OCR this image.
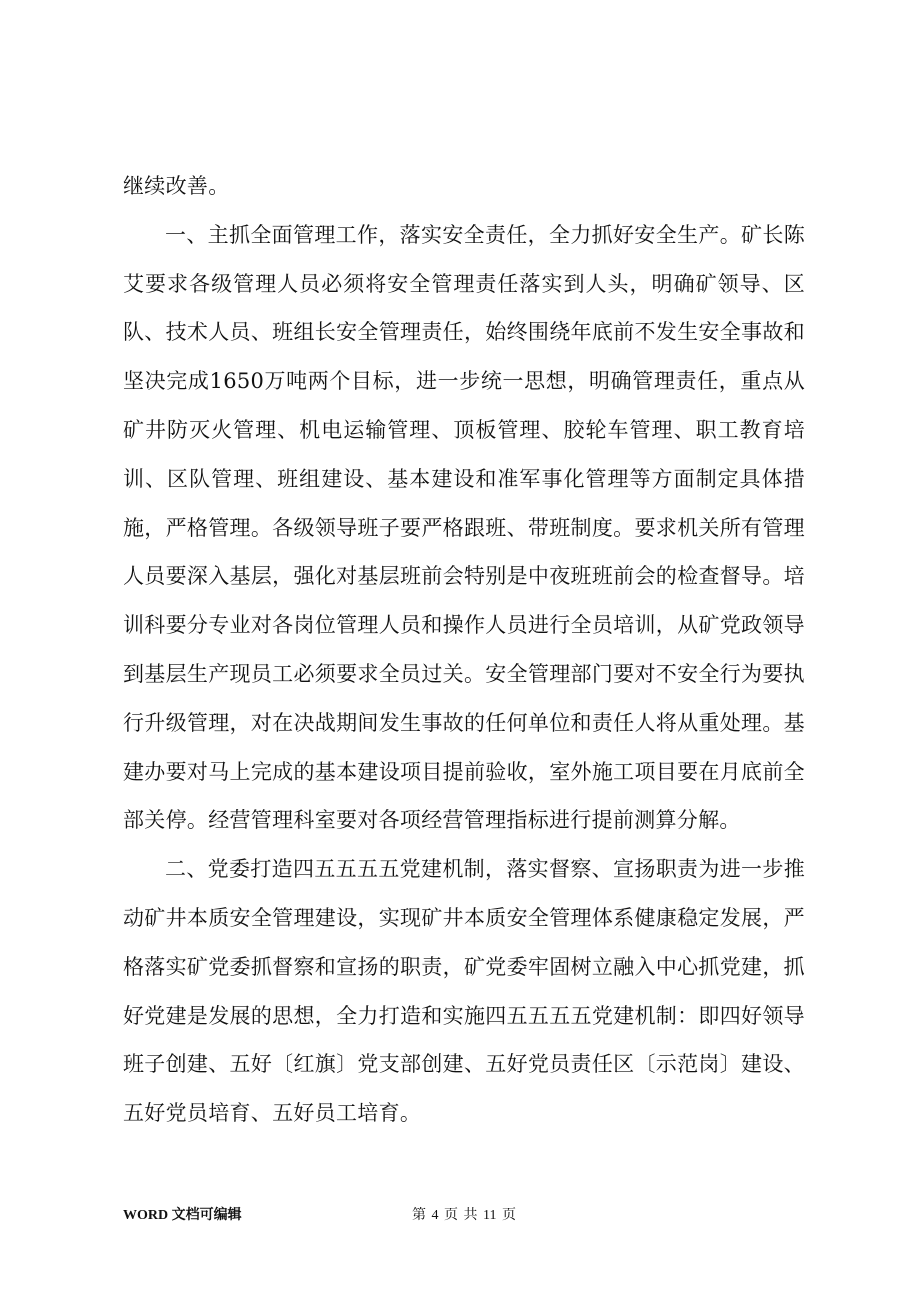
继续改善。

一、主抓全面管理工作，落实安全责任，全力抓好安全生产。矿长陈艾要求各级管理人员必须将安全管理责任落实到人头，明确矿领导、区队、技术人员、班组长安全管理责任，始终围绕年底前不发生安全事故和坚决完成1650万吨两个目标，进一步统一思想，明确管理责任，重点从矿井防灭火管理、机电运输管理、顶板管理、胶轮车管理、职工教育培训、区队管理、班组建设、基本建设和准军事化管理等方面制定具体措施，严格管理。各级领导班子要严格跟班、带班制度。要求机关所有管理人员要深入基层，强化对基层班前会特别是中夜班班前会的检查督导。培训科要分专业对各岗位管理人员和操作人员进行全员培训，从矿党政领导到基层生产现员工必须要求全员过关。安全管理部门要对不安全行为要执行升级管理，对在决战期间发生事故的任何单位和责任人将从重处理。基建办要对马上完成的基本建设项目提前验收，室外施工项目要在月底前全部关停。经营管理科室要对各项经营管理指标进行提前测算分解。

二、党委打造四五五五五党建机制，落实督察、宣扬职责为进一步推动矿井本质安全管理建设，实现矿井本质安全管理体系健康稳定发展，严格落实矿党委抓督察和宣扬的职责，矿党委牢固树立融入中心抓党建，抓好党建是发展的思想，全力打造和实施四五五五五党建机制：即四好领导班子创建、五好〔红旗〕党支部创建、五好党员责任区〔示范岗〕建设、五好党员培育、五好员工培育。

WORD 文档可编辑	第 4 页 共 11 页
